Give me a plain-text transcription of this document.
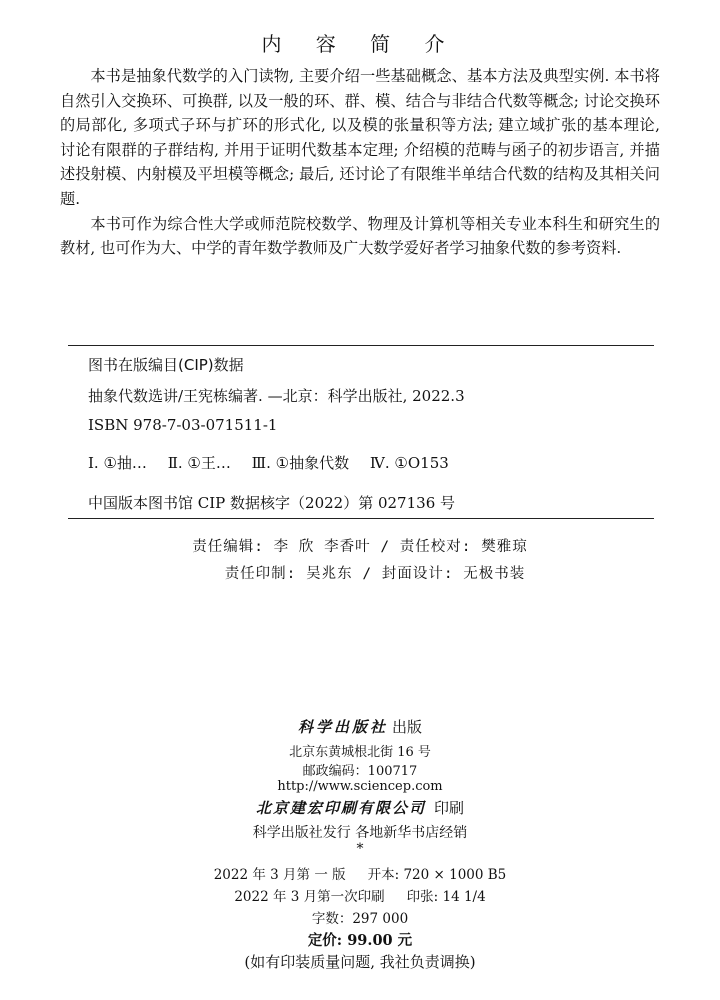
内 容 简 介

本书是抽象代数学的入门读物, 主要介绍一些基础概念、基本方法及典型实例. 本书将自然引入交换环、可换群, 以及一般的环、群、模、结合与非结合代数等概念; 讨论交换环的局部化, 多项式子环与扩环的形式化, 以及模的张量积等方法; 建立域扩张的基本理论, 讨论有限群的子群结构, 并用于证明代数基本定理; 介绍模的范畴与函子的初步语言, 并描述投射模、内射模及平坦模等概念; 最后, 还讨论了有限维半单结合代数的结构及其相关问题.

本书可作为综合性大学或师范院校数学、物理及计算机等相关专业本科生和研究生的教材, 也可作为大、中学的青年数学教师及广大数学爱好者学习抽象代数的参考资料.

图书在版编目(CIP)数据
抽象代数选讲/王宪栋编著. —北京：科学出版社, 2022.3
ISBN 978-7-03-071511-1
Ⅰ. ①抽… Ⅱ. ①王… Ⅲ. ①抽象代数 Ⅳ. ①O153
中国版本图书馆 CIP 数据核字（2022）第 027136 号
责任编辑: 李 欣 李香叶 / 责任校对: 樊雅琼
责任印制: 吴兆东 / 封面设计: 无极书装
科学出版社 出版
北京东黄城根北街 16 号
邮政编码：100717
http://www.sciencep.com
北京建宏印刷有限公司 印刷
科学出版社发行 各地新华书店经销
*
2022 年 3 月第 一 版 开本: 720 × 1000 B5
2022 年 3 月第一次印刷 印张: 14 1/4
字数：297 000
定价: 99.00 元
(如有印装质量问题, 我社负责调换)
